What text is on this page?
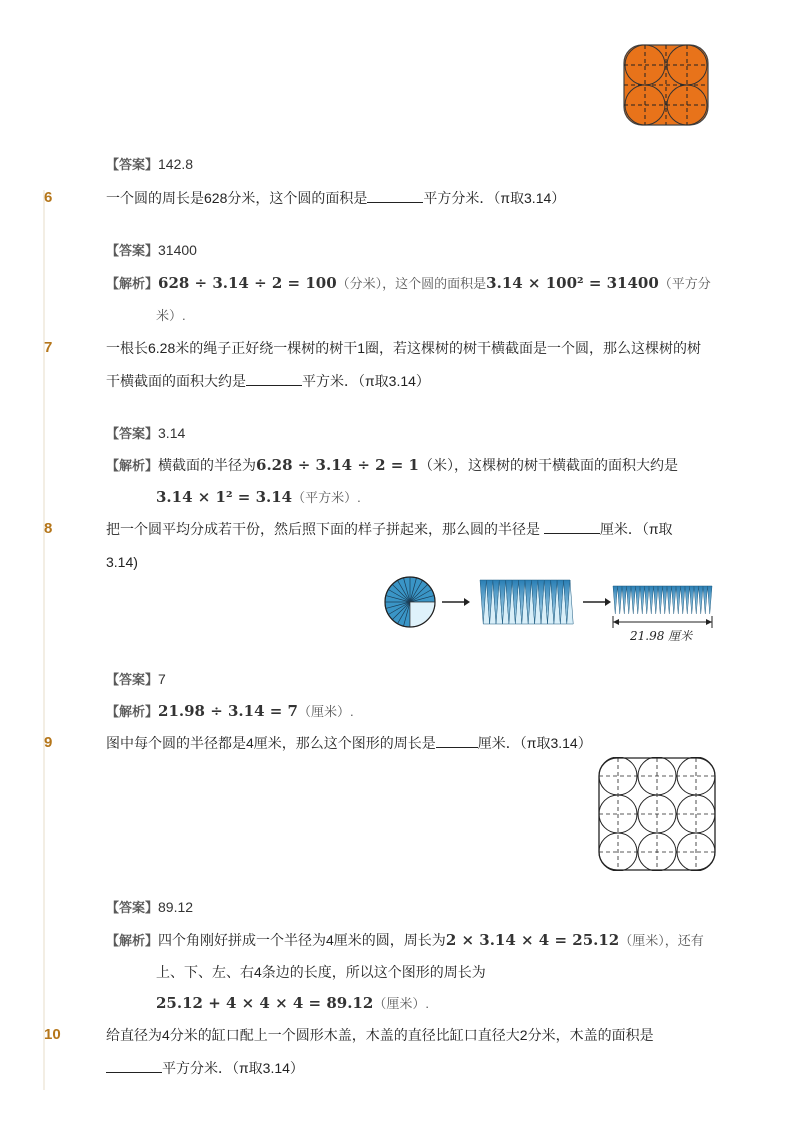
【答案】142.8
6	一个圆的周长是628分米，这个圆的面积是	平方分米．（π取3.14）
【答案】31400
【解析】628 ÷ 3.14 ÷ 2 = 100（分米），这个圆的面积是3.14 × 100² = 31400（平方分
米）.
7	一根长6.28米的绳子正好绕一棵树的树干1圈，若这棵树的树干横截面是一个圆，那么这棵树的树
干横截面的面积大约是	平方米．（π取3.14）
【答案】3.14
【解析】横截面的半径为6.28 ÷ 3.14 ÷ 2 = 1（米），这棵树的树干横截面的面积大约是
3.14 × 1² = 3.14（平方米）.
8	把一个圆平均分成若干份，然后照下面的样子拼起来，那么圆的半径是	厘米．（π取
3.14)
21.98 厘米
【答案】7
【解析】21.98 ÷ 3.14 = 7（厘米）.
9	图中每个圆的半径都是4厘米，那么这个图形的周长是	厘米．（π取3.14）
【答案】89.12
【解析】四个角刚好拼成一个半径为4厘米的圆，周长为2 × 3.14 × 4 = 25.12（厘米），还有
上、下、左、右4条边的长度，所以这个图形的周长为
25.12 + 4 × 4 × 4 = 89.12（厘米）.
10	给直径为4分米的缸口配上一个圆形木盖，木盖的直径比缸口直径大2分米，木盖的面积是
平方分米．（π取3.14）
